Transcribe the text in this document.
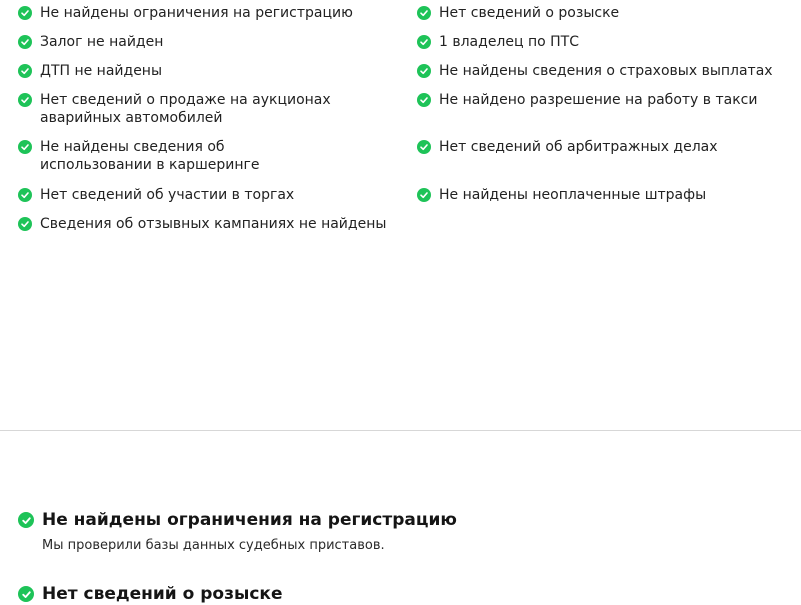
Не найдены ограничения на регистрацию
Залог не найден
ДТП не найдены
Нет сведений о продаже на аукционах аварийных автомобилей
Не найдены сведения об использовании в каршеринге
Нет сведений об участии в торгах
Сведения об отзывных кампаниях не найдены
Нет сведений о розыске
1 владелец по ПТС
Не найдены сведения о страховых выплатах
Не найдено разрешение на работу в такси
Нет сведений об арбитражных делах
Не найдены неоплаченные штрафы
Не найдены ограничения на регистрацию
Мы проверили базы данных судебных приставов.
Нет сведений о розыске
